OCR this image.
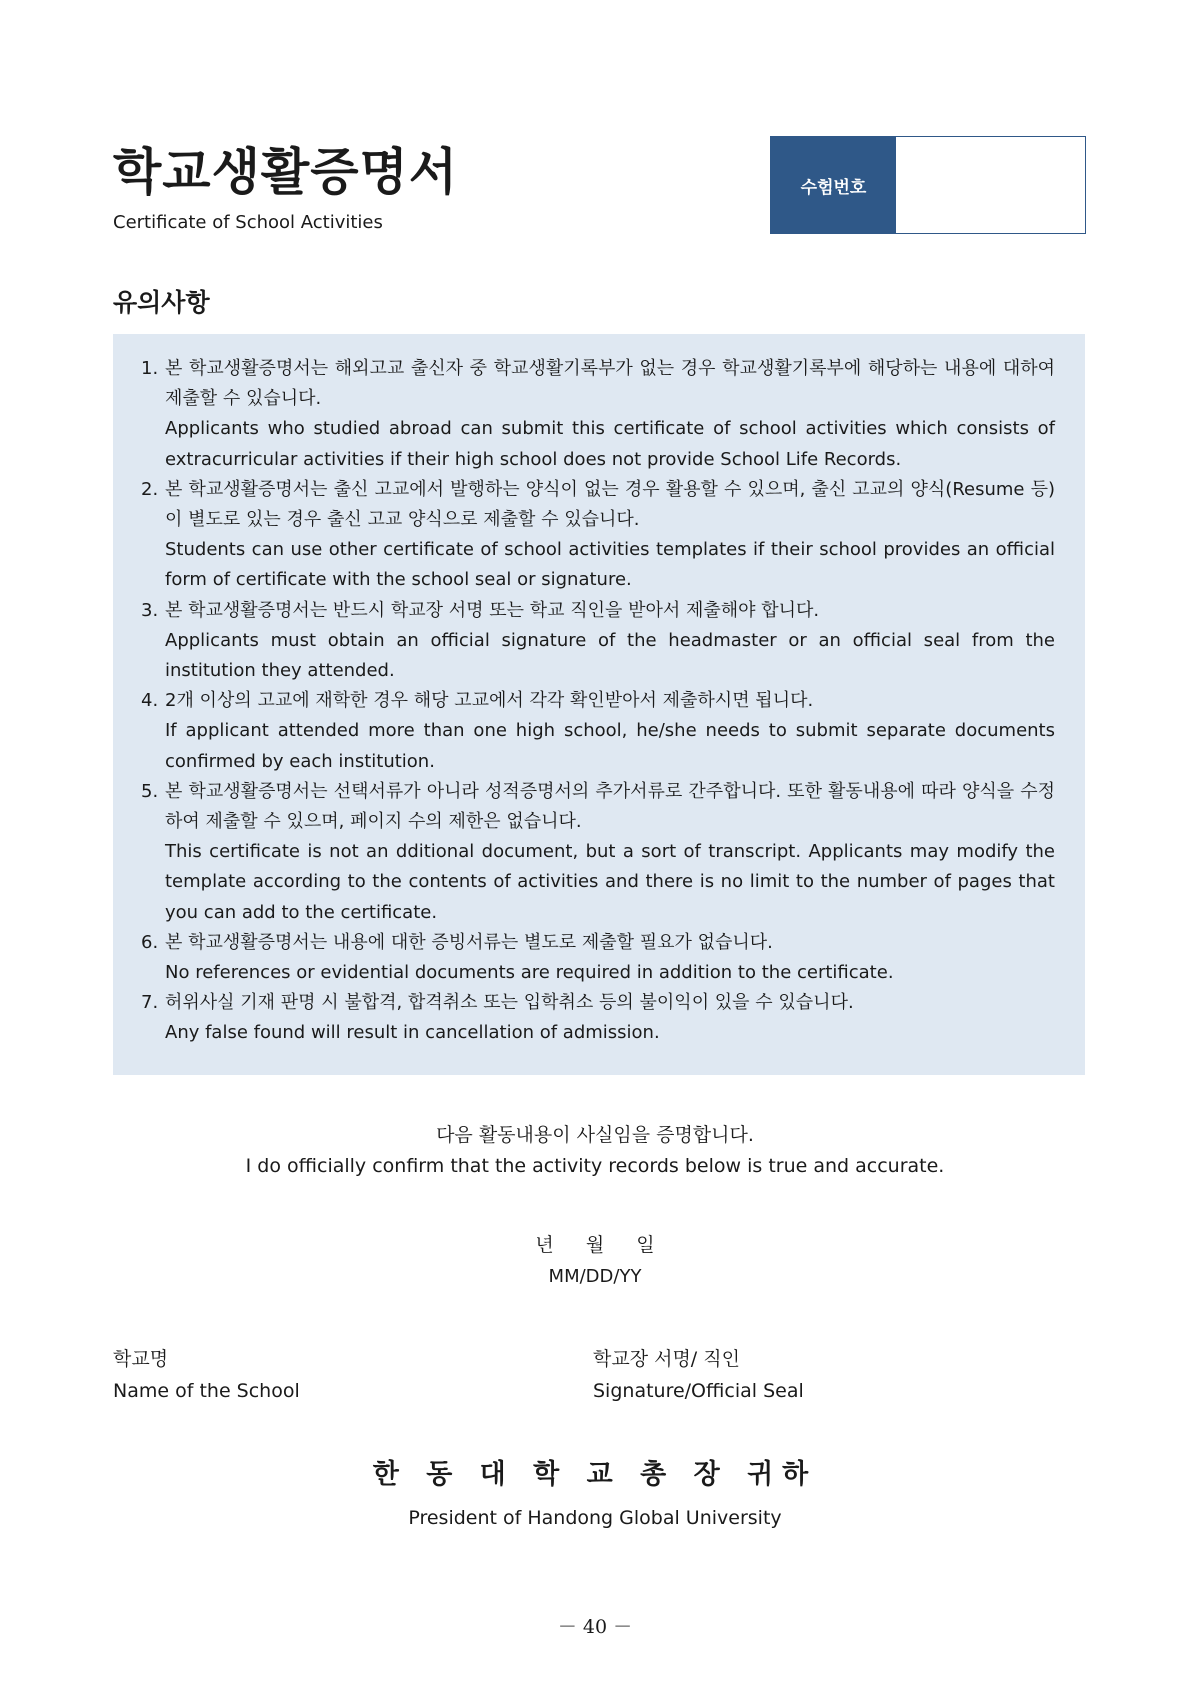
학교생활증명서
Certificate of School Activities
수험번호
유의사항
1. 본 학교생활증명서는 해외고교 출신자 중 학교생활기록부가 없는 경우 학교생활기록부에 해당하는 내용에 대하여 제출할 수 있습니다.
Applicants who studied abroad can submit this certificate of school activities which consists of extracurricular activities if their high school does not provide School Life Records.
2. 본 학교생활증명서는 출신 고교에서 발행하는 양식이 없는 경우 활용할 수 있으며, 출신 고교의 양식(Resume 등)이 별도로 있는 경우 출신 고교 양식으로 제출할 수 있습니다.
Students can use other certificate of school activities templates if their school provides an official form of certificate with the school seal or signature.
3. 본 학교생활증명서는 반드시 학교장 서명 또는 학교 직인을 받아서 제출해야 합니다.
Applicants must obtain an official signature of the headmaster or an official seal from the institution they attended.
4. 2개 이상의 고교에 재학한 경우 해당 고교에서 각각 확인받아서 제출하시면 됩니다.
If applicant attended more than one high school, he/she needs to submit separate documents confirmed by each institution.
5. 본 학교생활증명서는 선택서류가 아니라 성적증명서의 추가서류로 간주합니다. 또한 활동내용에 따라 양식을 수정하여 제출할 수 있으며, 페이지 수의 제한은 없습니다.
This certificate is not an dditional document, but a sort of transcript. Applicants may modify the template according to the contents of activities and there is no limit to the number of pages that you can add to the certificate.
6. 본 학교생활증명서는 내용에 대한 증빙서류는 별도로 제출할 필요가 없습니다.
No references or evidential documents are required in addition to the certificate.
7. 허위사실 기재 판명 시 불합격, 합격취소 또는 입학취소 등의 불이익이 있을 수 있습니다.
Any false found will result in cancellation of admission.
다음 활동내용이 사실임을 증명합니다.
I do officially confirm that the activity records below is true and accurate.
년 월 일
MM/DD/YY
학교명
Name of the School
학교장 서명/ 직인
Signature/Official Seal
한 동 대 학 교 총 장 귀하
President of Handong Global University
－ 40 －
